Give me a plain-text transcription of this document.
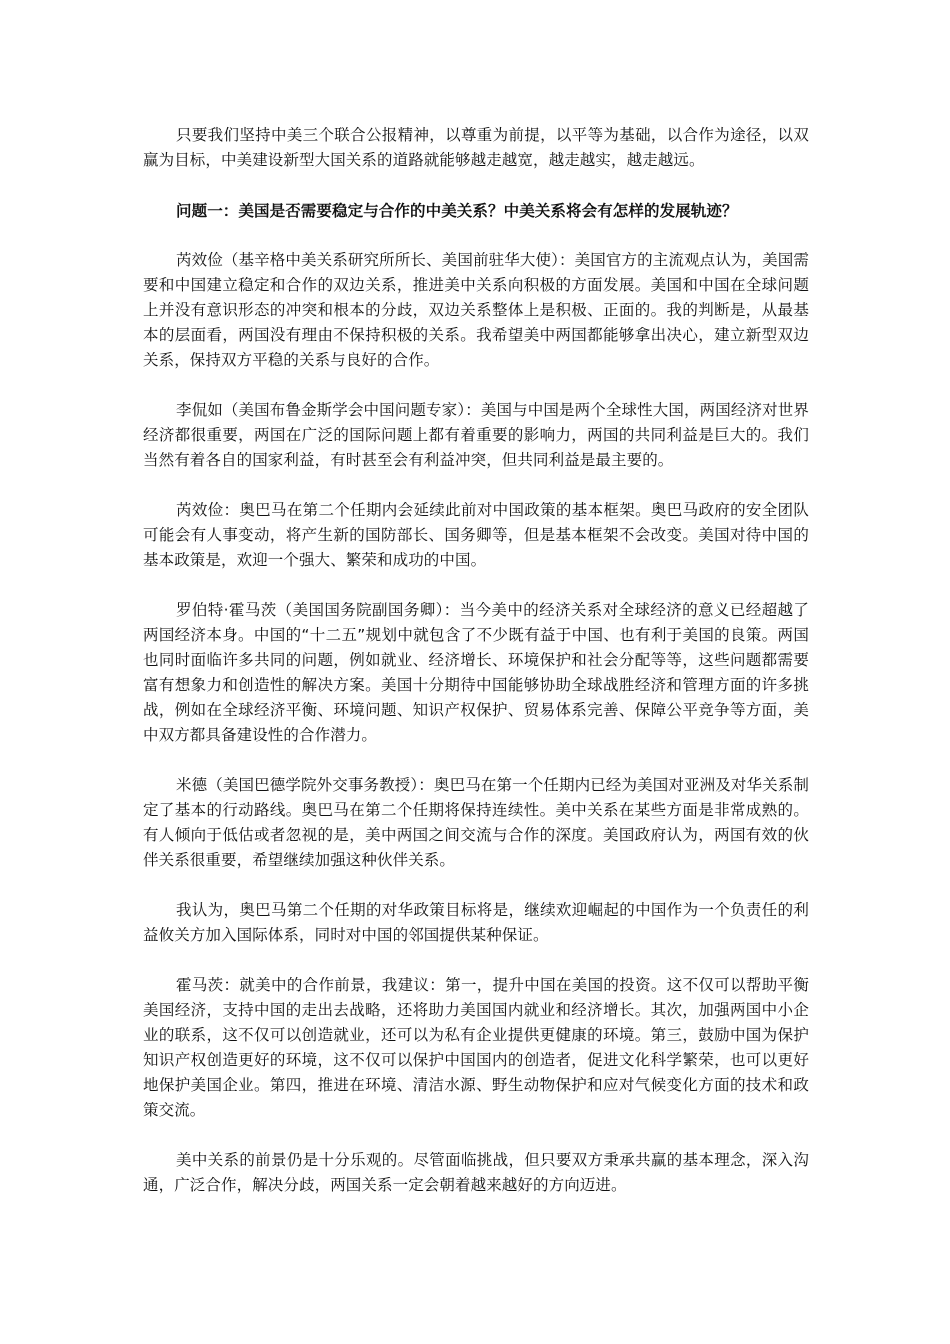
只要我们坚持中美三个联合公报精神，以尊重为前提，以平等为基础，以合作为途径，以双赢为目标，中美建设新型大国关系的道路就能够越走越宽，越走越实，越走越远。

问题一：美国是否需要稳定与合作的中美关系？中美关系将会有怎样的发展轨迹？

芮效俭（基辛格中美关系研究所所长、美国前驻华大使）：美国官方的主流观点认为，美国需要和中国建立稳定和合作的双边关系，推进美中关系向积极的方面发展。美国和中国在全球问题上并没有意识形态的冲突和根本的分歧，双边关系整体上是积极、正面的。我的判断是，从最基本的层面看，两国没有理由不保持积极的关系。我希望美中两国都能够拿出决心，建立新型双边关系，保持双方平稳的关系与良好的合作。

李侃如（美国布鲁金斯学会中国问题专家）：美国与中国是两个全球性大国，两国经济对世界经济都很重要，两国在广泛的国际问题上都有着重要的影响力，两国的共同利益是巨大的。我们当然有着各自的国家利益，有时甚至会有利益冲突，但共同利益是最主要的。

芮效俭：奥巴马在第二个任期内会延续此前对中国政策的基本框架。奥巴马政府的安全团队可能会有人事变动，将产生新的国防部长、国务卿等，但是基本框架不会改变。美国对待中国的基本政策是，欢迎一个强大、繁荣和成功的中国。

罗伯特·霍马茨（美国国务院副国务卿）：当今美中的经济关系对全球经济的意义已经超越了两国经济本身。中国的“十二五”规划中就包含了不少既有益于中国、也有利于美国的良策。两国也同时面临许多共同的问题，例如就业、经济增长、环境保护和社会分配等等，这些问题都需要富有想象力和创造性的解决方案。美国十分期待中国能够协助全球战胜经济和管理方面的许多挑战，例如在全球经济平衡、环境问题、知识产权保护、贸易体系完善、保障公平竞争等方面，美中双方都具备建设性的合作潜力。

米德（美国巴德学院外交事务教授）：奥巴马在第一个任期内已经为美国对亚洲及对华关系制定了基本的行动路线。奥巴马在第二个任期将保持连续性。美中关系在某些方面是非常成熟的。有人倾向于低估或者忽视的是，美中两国之间交流与合作的深度。美国政府认为，两国有效的伙伴关系很重要，希望继续加强这种伙伴关系。

我认为，奥巴马第二个任期的对华政策目标将是，继续欢迎崛起的中国作为一个负责任的利益攸关方加入国际体系，同时对中国的邻国提供某种保证。

霍马茨：就美中的合作前景，我建议：第一，提升中国在美国的投资。这不仅可以帮助平衡美国经济，支持中国的走出去战略，还将助力美国国内就业和经济增长。其次，加强两国中小企业的联系，这不仅可以创造就业，还可以为私有企业提供更健康的环境。第三，鼓励中国为保护知识产权创造更好的环境，这不仅可以保护中国国内的创造者，促进文化科学繁荣，也可以更好地保护美国企业。第四，推进在环境、清洁水源、野生动物保护和应对气候变化方面的技术和政策交流。

美中关系的前景仍是十分乐观的。尽管面临挑战，但只要双方秉承共赢的基本理念，深入沟通，广泛合作，解决分歧，两国关系一定会朝着越来越好的方向迈进。
